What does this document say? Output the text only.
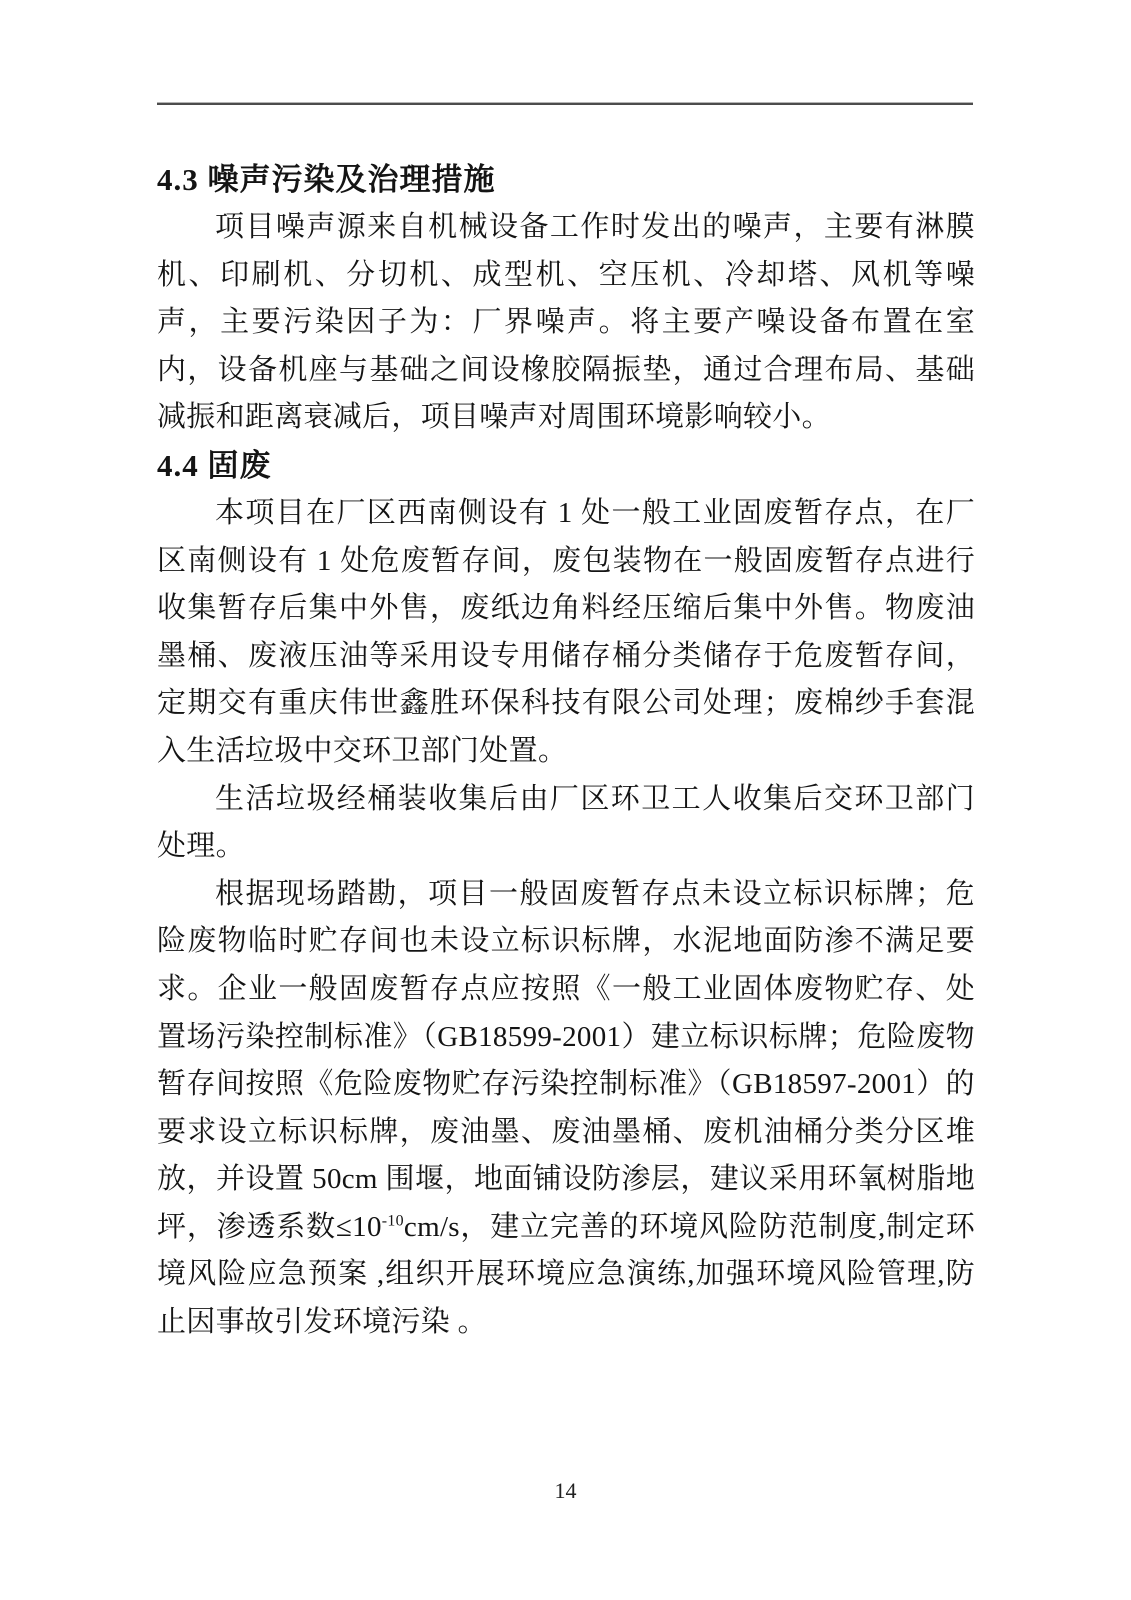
4.3 噪声污染及治理措施

项目噪声源来自机械设备工作时发出的噪声，主要有淋膜机、印刷机、分切机、成型机、空压机、冷却塔、风机等噪声，主要污染因子为：厂界噪声。将主要产噪设备布置在室内，设备机座与基础之间设橡胶隔振垫，通过合理布局、基础减振和距离衰减后，项目噪声对周围环境影响较小。

4.4 固废

本项目在厂区西南侧设有 1 处一般工业固废暂存点，在厂区南侧设有 1 处危废暂存间，废包装物在一般固废暂存点进行收集暂存后集中外售，废纸边角料经压缩后集中外售。物废油墨桶、废液压油等采用设专用储存桶分类储存于危废暂存间，定期交有重庆伟世鑫胜环保科技有限公司处理；废棉纱手套混入生活垃圾中交环卫部门处置。

生活垃圾经桶装收集后由厂区环卫工人收集后交环卫部门处理。

根据现场踏勘，项目一般固废暂存点未设立标识标牌；危险废物临时贮存间也未设立标识标牌，水泥地面防渗不满足要求。企业一般固废暂存点应按照《一般工业固体废物贮存、处置场污染控制标准》（GB18599-2001）建立标识标牌；危险废物暂存间按照《危险废物贮存污染控制标准》（GB18597-2001）的要求设立标识标牌，废油墨、废油墨桶、废机油桶分类分区堆放，并设置 50cm 围堰，地面铺设防渗层，建议采用环氧树脂地坪，渗透系数$\le 10^{-10}cm/s$，建立完善的环境风险防范制度,制定环境风险应急预案 ,组织开展环境应急演练,加强环境风险管理,防止因事故引发环境污染 。

14
